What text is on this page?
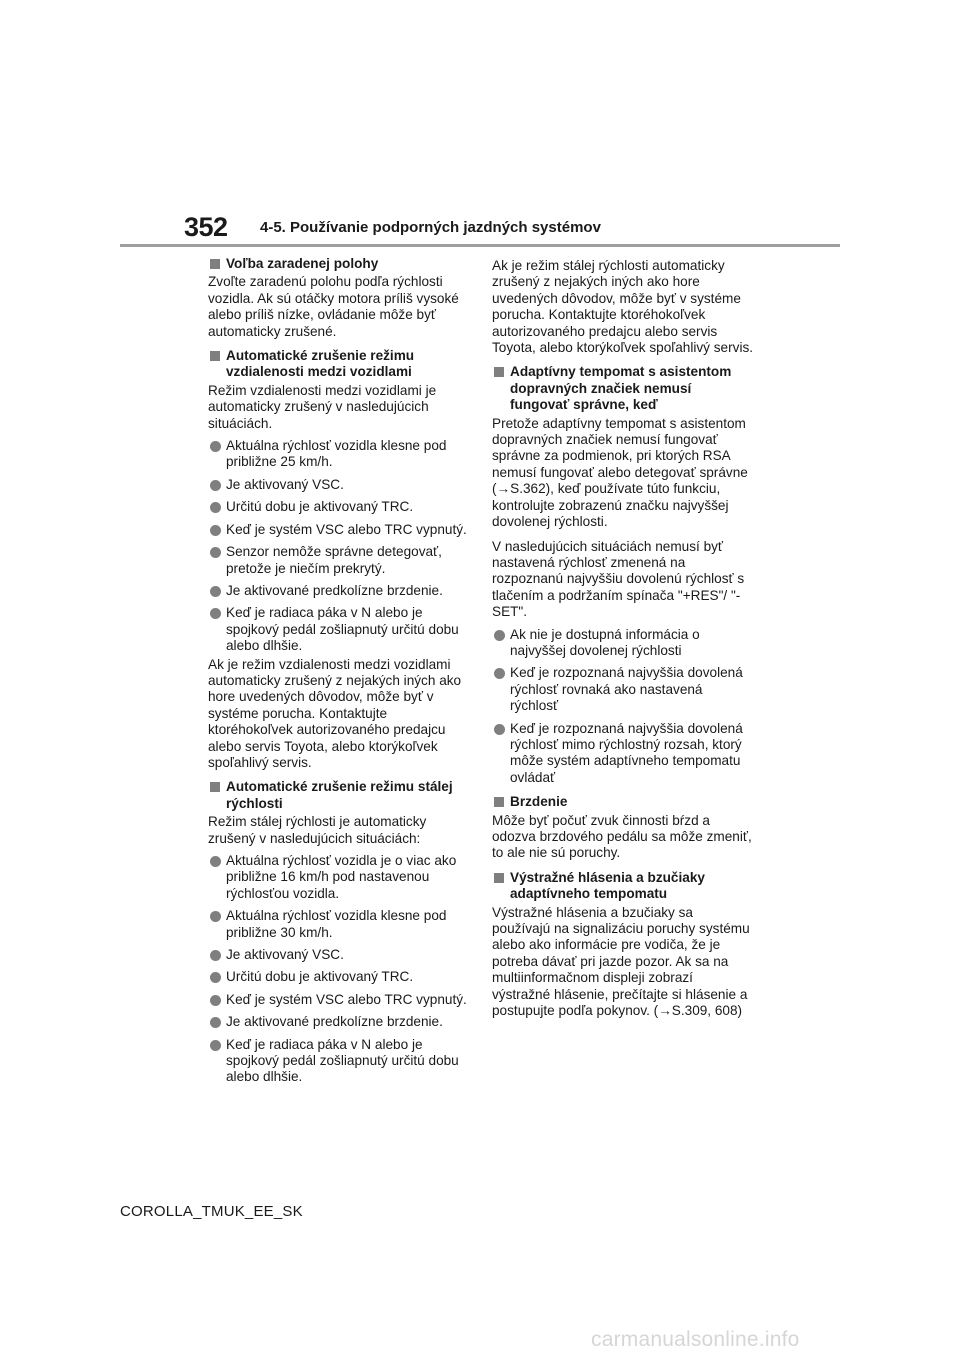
352 4-5. Používanie podporných jazdných systémov
Voľba zaradenej polohy
Zvoľte zaradenú polohu podľa rýchlosti vozidla. Ak sú otáčky motora príliš vysoké alebo príliš nízke, ovládanie môže byť automaticky zrušené.
Automatické zrušenie režimu vzdialenosti medzi vozidlami
Režim vzdialenosti medzi vozidlami je automaticky zrušený v nasledujúcich situáciách.
Aktuálna rýchlosť vozidla klesne pod približne 25 km/h.
Je aktivovaný VSC.
Určitú dobu je aktivovaný TRC.
Keď je systém VSC alebo TRC vypnutý.
Senzor nemôže správne detegovať, pretože je niečím prekrytý.
Je aktivované predkolízne brzdenie.
Keď je radiaca páka v N alebo je spojkový pedál zošliapnutý určitú dobu alebo dlhšie.
Ak je režim vzdialenosti medzi vozidlami automaticky zrušený z nejakých iných ako hore uvedených dôvodov, môže byť v systéme porucha. Kontaktujte ktoréhokoľvek autorizovaného predajcu alebo servis Toyota, alebo ktorýkoľvek spoľahlivý servis.
Automatické zrušenie režimu stálej rýchlosti
Režim stálej rýchlosti je automaticky zrušený v nasledujúcich situáciách:
Aktuálna rýchlosť vozidla je o viac ako približne 16 km/h pod nastavenou rýchlosťou vozidla.
Aktuálna rýchlosť vozidla klesne pod približne 30 km/h.
Je aktivovaný VSC.
Určitú dobu je aktivovaný TRC.
Keď je systém VSC alebo TRC vypnutý.
Je aktivované predkolízne brzdenie.
Keď je radiaca páka v N alebo je spojkový pedál zošliapnutý určitú dobu alebo dlhšie.
Ak je režim stálej rýchlosti automaticky zrušený z nejakých iných ako hore uvedených dôvodov, môže byť v systéme porucha. Kontaktujte ktoréhokoľvek autorizovaného predajcu alebo servis Toyota, alebo ktorýkoľvek spoľahlivý servis.
Adaptívny tempomat s asistentom dopravných značiek nemusí fungovať správne, keď
Pretože adaptívny tempomat s asistentom dopravných značiek nemusí fungovať správne za podmienok, pri ktorých RSA nemusí fungovať alebo detegovať správne (→S.362), keď používate túto funkciu, kontrolujte zobrazenú značku najvyššej dovolenej rýchlosti.
V nasledujúcich situáciách nemusí byť nastavená rýchlosť zmenená na rozpoznanú najvyššiu dovolenú rýchlosť s tlačením a podržaním spínača "+RES"/ "-SET".
Ak nie je dostupná informácia o najvyššej dovolenej rýchlosti
Keď je rozpoznaná najvyššia dovolená rýchlosť rovnaká ako nastavená rýchlosť
Keď je rozpoznaná najvyššia dovolená rýchlosť mimo rýchlostný rozsah, ktorý môže systém adaptívneho tempomatu ovládať
Brzdenie
Môže byť počuť zvuk činnosti bŕzd a odozva brzdového pedálu sa môže zmeniť, to ale nie sú poruchy.
Výstražné hlásenia a bzučiaky adaptívneho tempomatu
Výstražné hlásenia a bzučiaky sa používajú na signalizáciu poruchy systému alebo ako informácie pre vodiča, že je potreba dávať pri jazde pozor. Ak sa na multiinformačnom displeji zobrazí výstražné hlásenie, prečítajte si hlásenie a postupujte podľa pokynov. (→S.309, 608)
COROLLA_TMUK_EE_SK
carmanualsonline.info
